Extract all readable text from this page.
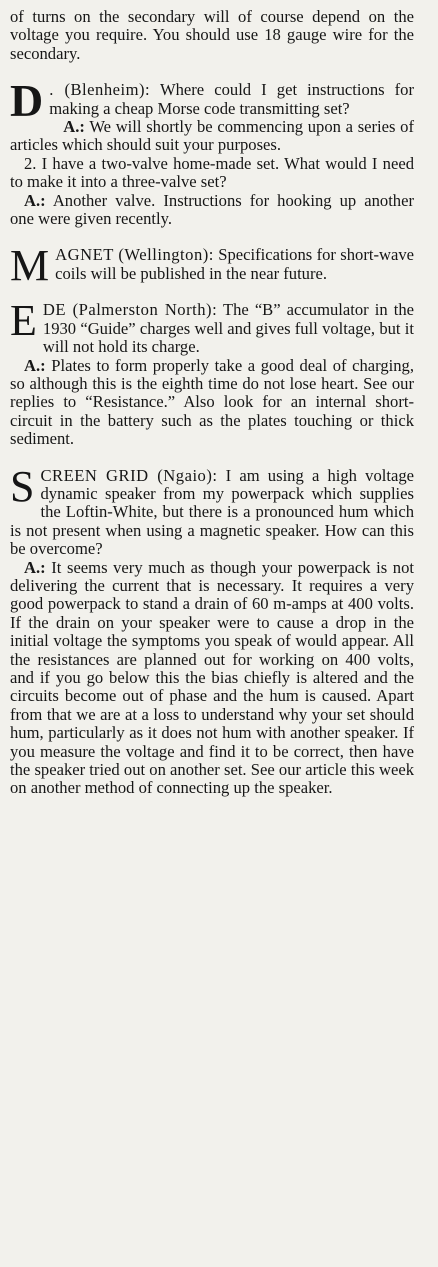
of turns on the secondary will of course depend on the voltage you require. You should use 18 gauge wire for the secondary.

D . (Blenheim): Where could I get instructions for making a cheap Morse code transmitting set?

A.: We will shortly be commencing upon a series of articles which should suit your purposes.

2. I have a two-valve home-made set. What would I need to make it into a three-valve set?

A.: Another valve. Instructions for hooking up another one were given recently.

MAGNET (Wellington): Specifications for short-wave coils will be published in the near future.

EDE (Palmerston North): The “B” accumulator in the 1930 “Guide” charges well and gives full voltage, but it will not hold its charge.

A.: Plates to form properly take a good deal of charging, so although this is the eighth time do not lose heart. See our replies to “Resistance.” Also look for an internal short-circuit in the battery such as the plates touching or thick sediment.

SCREEN GRID (Ngaio): I am using a high voltage dynamic speaker from my powerpack which supplies the Loftin-White, but there is a pronounced hum which is not present when using a magnetic speaker. How can this be overcome?

A.: It seems very much as though your powerpack is not delivering the current that is necessary. It requires a very good powerpack to stand a drain of 60 m-amps at 400 volts. If the drain on your speaker were to cause a drop in the initial voltage the symptoms you speak of would appear. All the resistances are planned out for working on 400 volts, and if you go below this the bias chiefly is altered and the circuits become out of phase and the hum is caused. Apart from that we are at a loss to understand why your set should hum, particularly as it does not hum with another speaker. If you measure the voltage and find it to be correct, then have the speaker tried out on another set. See our article this week on another method of connecting up the speaker.
